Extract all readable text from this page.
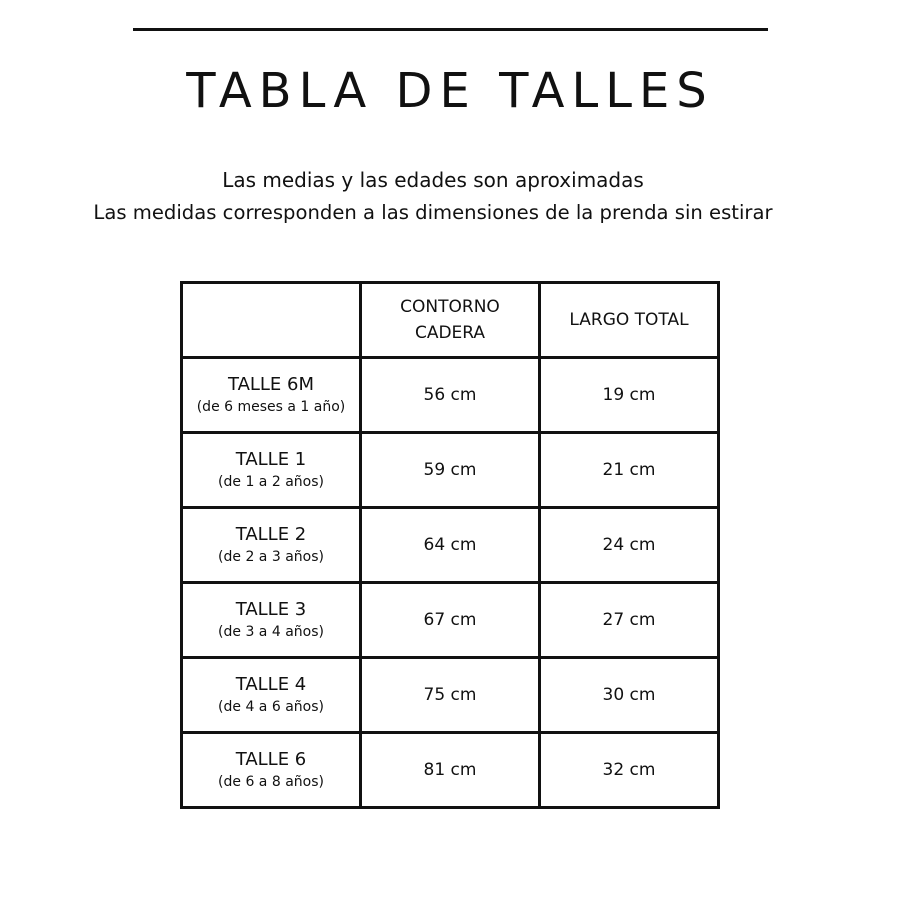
TABLA DE TALLES
Las medias y las edades son aproximadas
Las medidas corresponden a las dimensiones de la prenda sin estirar
	CONTORNO CADERA	LARGO TOTAL

TALLE 6M
(de 6 meses a 1 año)	56 cm	19 cm

TALLE 1
(de 1 a 2 años)	59 cm	21 cm

TALLE 2
(de 2 a 3 años)	64 cm	24 cm

TALLE 3
(de 3 a 4 años)	67 cm	27 cm

TALLE 4
(de 4 a 6 años)	75 cm	30 cm

TALLE 6
(de 6 a 8 años)	81 cm	32 cm
